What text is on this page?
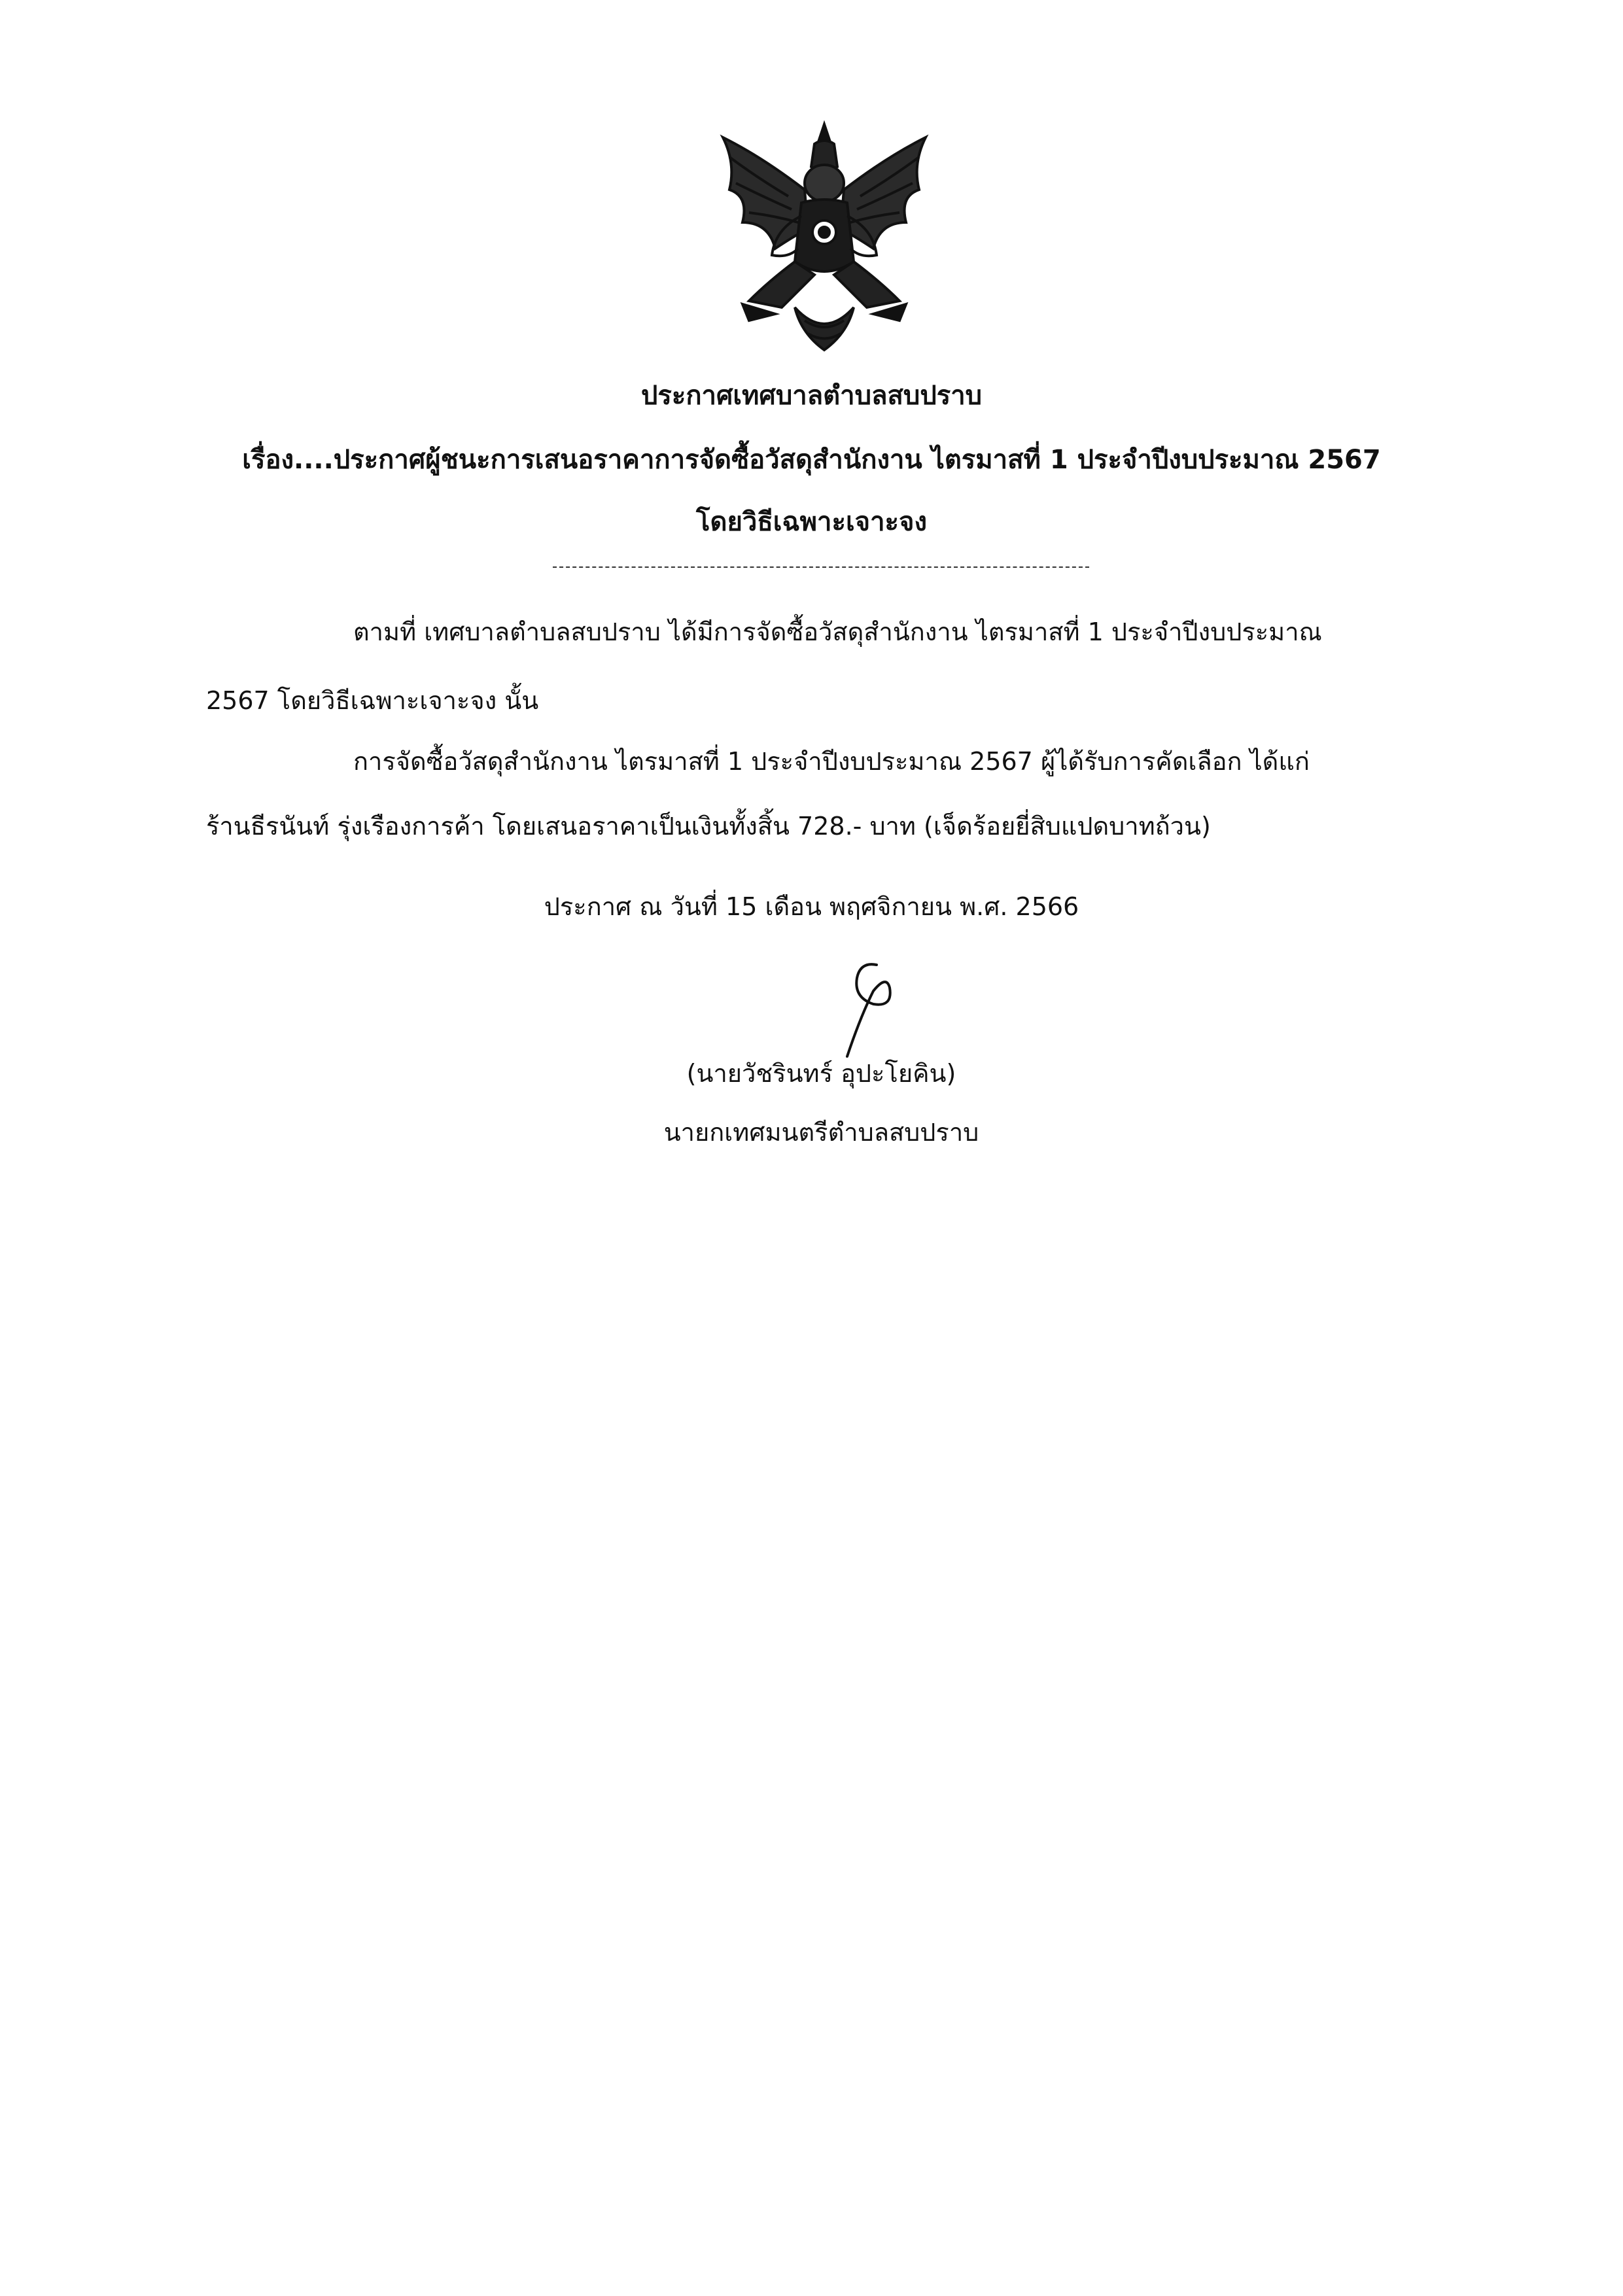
ประกาศเทศบาลตำบลสบปราบ
เรื่อง....ประกาศผู้ชนะการเสนอราคาการจัดซื้อวัสดุสำนักงาน ไตรมาสที่ 1 ประจำปีงบประมาณ 2567
โดยวิธีเฉพาะเจาะจง
ตามที่ เทศบาลตำบลสบปราบ ได้มีการจัดซื้อวัสดุสำนักงาน ไตรมาสที่ 1 ประจำปีงบประมาณ
2567 โดยวิธีเฉพาะเจาะจง นั้น
การจัดซื้อวัสดุสำนักงาน ไตรมาสที่ 1 ประจำปีงบประมาณ 2567 ผู้ได้รับการคัดเลือก ได้แก่
ร้านธีรนันท์ รุ่งเรืองการค้า โดยเสนอราคาเป็นเงินทั้งสิ้น 728.- บาท (เจ็ดร้อยยี่สิบแปดบาทถ้วน)
ประกาศ ณ วันที่ 15 เดือน พฤศจิกายน พ.ศ. 2566
(นายวัชรินทร์ อุปะโยคิน)
นายกเทศมนตรีตำบลสบปราบ
